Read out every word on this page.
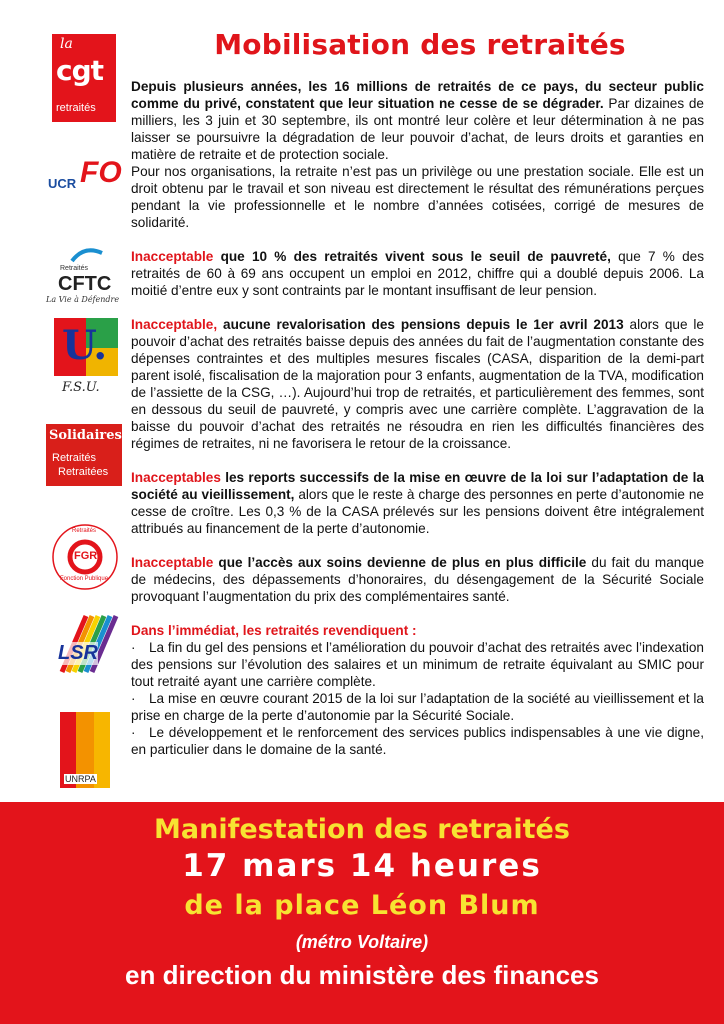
Mobilisation des retraités
la
cgt
retraités
UCR FO
Retraités
CFTC
La Vie à Défendre
U.
F.S.U.
Solidaires
Retraités
Retraitées
Retraités
FGR
Fonction Publique
LSR
UNRPA

Depuis plusieurs années, les 16 millions de retraités de ce pays, du secteur public comme du privé, constatent que leur situation ne cesse de se dégrader. Par dizaines de milliers, les 3 juin et 30 septembre, ils ont montré leur colère et leur détermination à ne pas laisser se poursuivre la dégradation de leur pouvoir d’achat, de leurs droits et garanties en matière de retraite et de protection sociale.

Pour nos organisations, la retraite n’est pas un privilège ou une prestation sociale. Elle est un droit obtenu par le travail et son niveau est directement le résultat des rémunérations perçues pendant la vie professionnelle et le nombre d’années cotisées, corrigé de mesures de solidarité.

Inacceptable que 10 % des retraités vivent sous le seuil de pauvreté, que 7 % des retraités de 60 à 69 ans occupent un emploi en 2012, chiffre qui a doublé depuis 2006. La moitié d’entre eux y sont contraints par le montant insuffisant de leur pension.

Inacceptable, aucune revalorisation des pensions depuis le 1er avril 2013 alors que le pouvoir d’achat des retraités baisse depuis des années du fait de l’augmentation constante des dépenses contraintes et des multiples mesures fiscales (CASA, disparition de la demi-part parent isolé, fiscalisation de la majoration pour 3 enfants, augmentation de la TVA, modification de l’assiette de la CSG, …). Aujourd’hui trop de retraités, et particulièrement des femmes, sont en dessous du seuil de pauvreté, y compris avec une carrière complète. L’aggravation de la baisse du pouvoir d’achat des retraités ne résoudra en rien les difficultés financières des régimes de retraites, ni ne favorisera le retour de la croissance.

Inacceptables les reports successifs de la mise en œuvre de la loi sur l’adaptation de la société au vieillissement, alors que le reste à charge des personnes en perte d’autonomie ne cesse de croître. Les 0,3 % de la CASA prélevés sur les pensions doivent être intégralement attribués au financement de la perte d’autonomie.

Inacceptable que l’accès aux soins devienne de plus en plus difficile du fait du manque de médecins, des dépassements d’honoraires, du désengagement de la Sécurité Sociale provoquant l’augmentation du prix des complémentaires santé.

Dans l’immédiat, les retraités revendiquent :

· La fin du gel des pensions et l’amélioration du pouvoir d’achat des retraités avec l’indexation des pensions sur l’évolution des salaires et un minimum de retraite équivalant au SMIC pour tout retraité ayant une carrière complète.

· La mise en œuvre courant 2015 de la loi sur l’adaptation de la société au vieillissement et la prise en charge de la perte d’autonomie par la Sécurité Sociale.

· Le développement et le renforcement des services publics indispensables à une vie digne, en particulier dans le domaine de la santé.

Manifestation des retraités
17 mars 14 heures
de la place Léon Blum
(métro Voltaire)
en direction du ministère des finances
